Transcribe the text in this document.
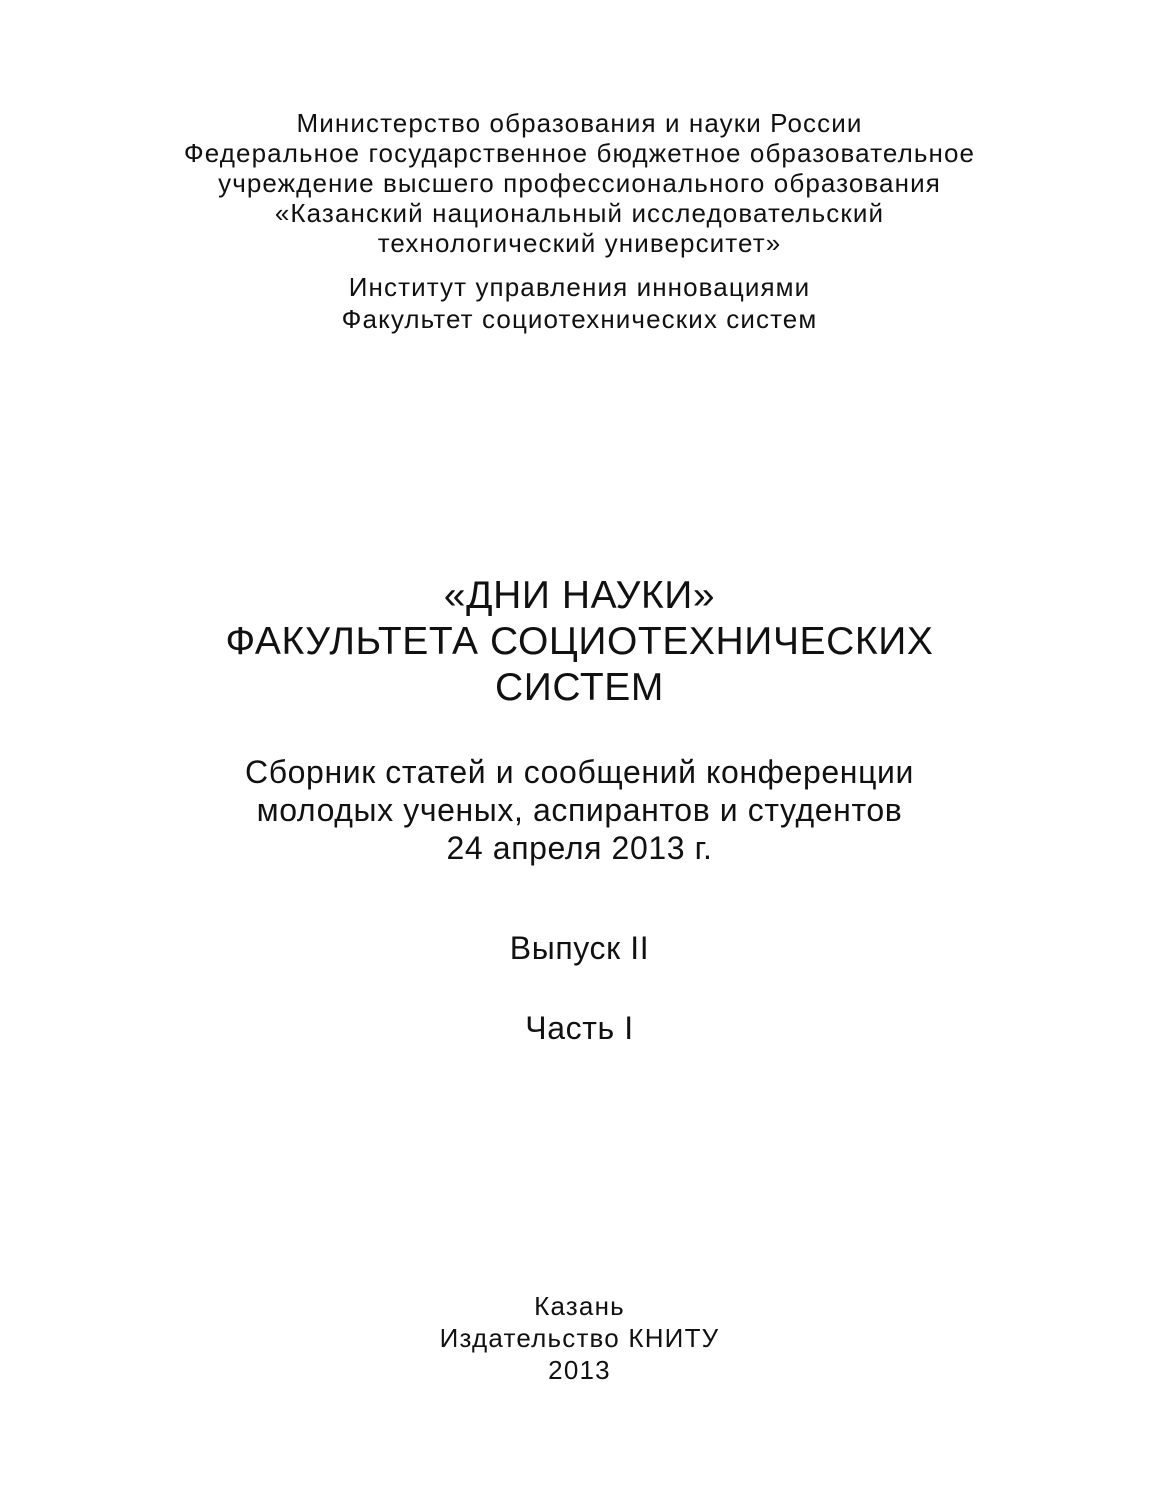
Министерство образования и науки России
Федеральное государственное бюджетное образовательное
учреждение высшего профессионального образования
«Казанский национальный исследовательский
технологический университет»
Институт управления инновациями
Факультет социотехнических систем
«ДНИ НАУКИ»
ФАКУЛЬТЕТА СОЦИОТЕХНИЧЕСКИХ
СИСТЕМ
Сборник статей и сообщений конференции
молодых ученых, аспирантов и студентов
24 апреля 2013 г.
Выпуск II
Часть I
Казань
Издательство КНИТУ
2013
